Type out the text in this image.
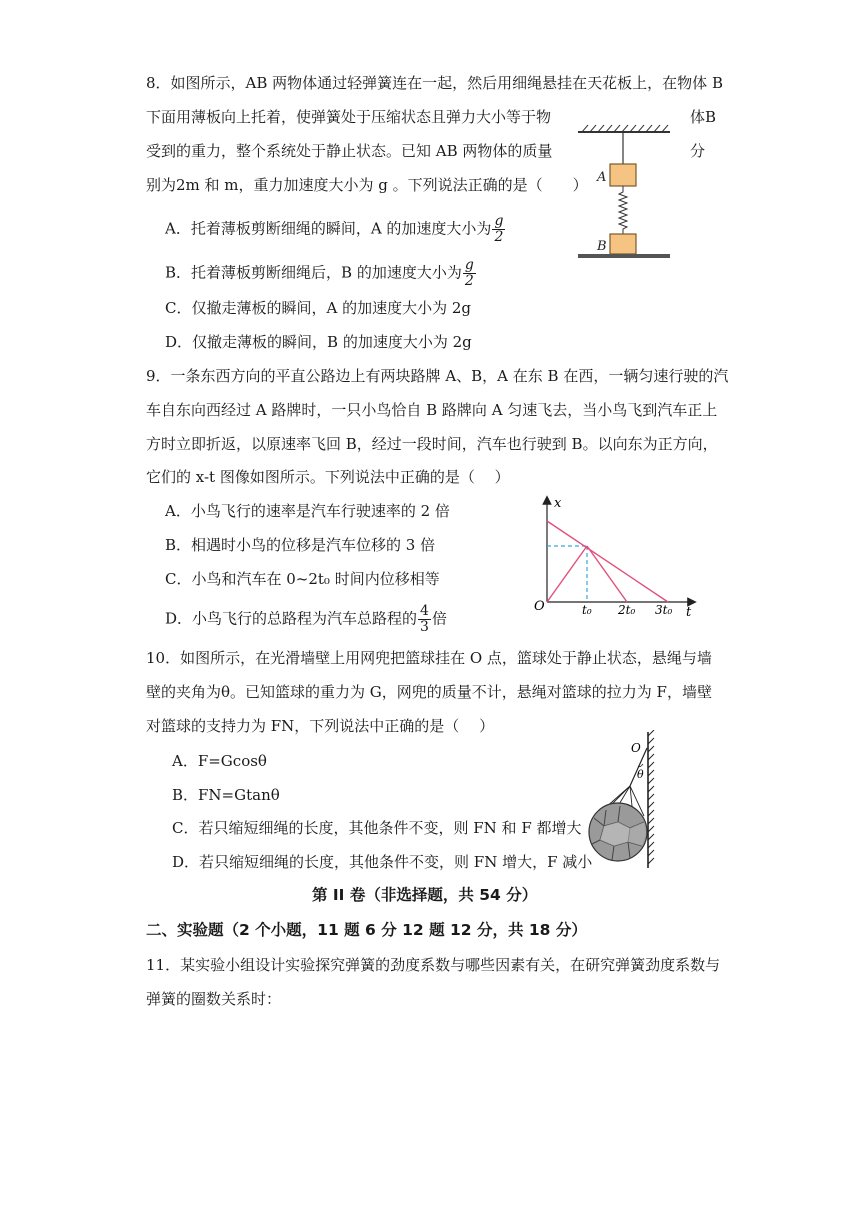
8．如图所示，AB 两物体通过轻弹簧连在一起，然后用细绳悬挂在天花板上，在物体 B
下面用薄板向上托着，使弹簧处于压缩状态且弹力大小等于物	体B
受到的重力，整个系统处于静止状态。已知 AB 两物体的质量	分
别为2m 和 m，重力加速度大小为 g 。下列说法正确的是（　　）
A．托着薄板剪断细绳的瞬间，A 的加速度大小为 $\frac{g}{2}$
B．托着薄板剪断细绳后，B 的加速度大小为 $\frac{g}{2}$
C．仅撤走薄板的瞬间，A 的加速度大小为 2g
D．仅撤走薄板的瞬间，B 的加速度大小为 2g
A
B
9．一条东西方向的平直公路边上有两块路牌 A、B，A 在东 B 在西，一辆匀速行驶的汽
车自东向西经过 A 路牌时，一只小鸟恰自 B 路牌向 A 匀速飞去，当小鸟飞到汽车正上
方时立即折返，以原速率飞回 B，经过一段时间，汽车也行驶到 B。以向东为正方向，
它们的 x-t 图像如图所示。下列说法中正确的是（　 ）
A．小鸟飞行的速率是汽车行驶速率的 2 倍
B．相遇时小鸟的位移是汽车位移的 3 倍
C．小鸟和汽车在 0~2t₀ 时间内位移相等
D．小鸟飞行的总路程为汽车总路程的 $\frac{4}{3}$ 倍
x
t
O	t₀ 2t₀ 3t₀
10．如图所示，在光滑墙壁上用网兜把篮球挂在 O 点，篮球处于静止状态，悬绳与墙
壁的夹角为θ。已知篮球的重力为 G，网兜的质量不计，悬绳对篮球的拉力为 F，墙壁
对篮球的支持力为 FN，下列说法中正确的是（　 ）
A．F=Gcosθ
B．FN=Gtanθ
C．若只缩短细绳的长度，其他条件不变，则 FN 和 F 都增大
D．若只缩短细绳的长度，其他条件不变，则 FN 增大，F 减小
O
θ
第 II 卷（非选择题，共 54 分）
二、实验题（2 个小题，11 题 6 分 12 题 12 分，共 18 分）
11．某实验小组设计实验探究弹簧的劲度系数与哪些因素有关，在研究弹簧劲度系数与
弹簧的圈数关系时：
